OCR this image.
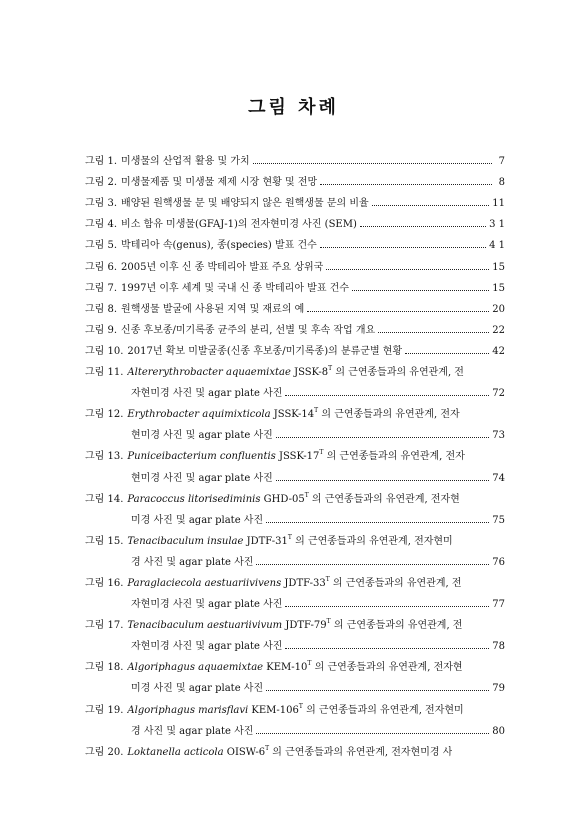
그림 차례
그림 1. 미생물의 산업적 활용 및 가치	7
그림 2. 미생물제품 및 미생물 제제 시장 현황 및 전망	8
그림 3. 배양된 원핵생물 문 및 배양되지 않은 원핵생물 문의 비율	11
그림 4. 비소 함유 미생물(GFAJ-1)의 전자현미경 사진 (SEM)	3 1
그림 5. 박테리아 속(genus), 종(species) 발표 건수	4 1
그림 6. 2005년 이후 신 종 박테리아 발표 주요 상위국	15
그림 7. 1997년 이후 세계 및 국내 신 종 박테리아 발표 건수	15
그림 8. 원핵생물 발굴에 사용된 지역 및 재료의 예	20
그림 9. 신종 후보종/미기록종 균주의 분리, 선별 및 후속 작업 개요	22
그림 10. 2017년 확보 미발굴종(신종 후보종/미기록종)의 분류군별 현황	42
그림 11. Altererythrobacter aquaemixtae JSSK-$8^T$ 의 근연종들과의 유연관계, 전
자현미경 사진 및 agar plate 사진	72
그림 12. Erythrobacter aquimixticola JSSK-$14^T$ 의 근연종들과의 유연관계, 전자
현미경 사진 및 agar plate 사진	73
그림 13. Puniceibacterium confluentis JSSK-$17^T$ 의 근연종들과의 유연관계, 전자
현미경 사진 및 agar plate 사진	74
그림 14. Paracoccus litorisediminis GHD-$05^T$ 의 근연종들과의 유연관계, 전자현
미경 사진 및 agar plate 사진	75
그림 15. Tenacibaculum insulae JDTF-$31^T$ 의 근연종들과의 유연관계, 전자현미
경 사진 및 agar plate 사진	76
그림 16. Paraglaciecola aestuariivivens JDTF-$33^T$ 의 근연종들과의 유연관계, 전
자현미경 사진 및 agar plate 사진	77
그림 17. Tenacibaculum aestuariivivum JDTF-$79^T$ 의 근연종들과의 유연관계, 전
자현미경 사진 및 agar plate 사진	78
그림 18. Algoriphagus aquaemixtae KEM-$10^T$ 의 근연종들과의 유연관계, 전자현
미경 사진 및 agar plate 사진	79
그림 19. Algoriphagus marisflavi KEM-$106^T$ 의 근연종들과의 유연관계, 전자현미
경 사진 및 agar plate 사진	80
그림 20. Loktanella acticola OISW-$6^T$ 의 근연종들과의 유연관계, 전자현미경 사
